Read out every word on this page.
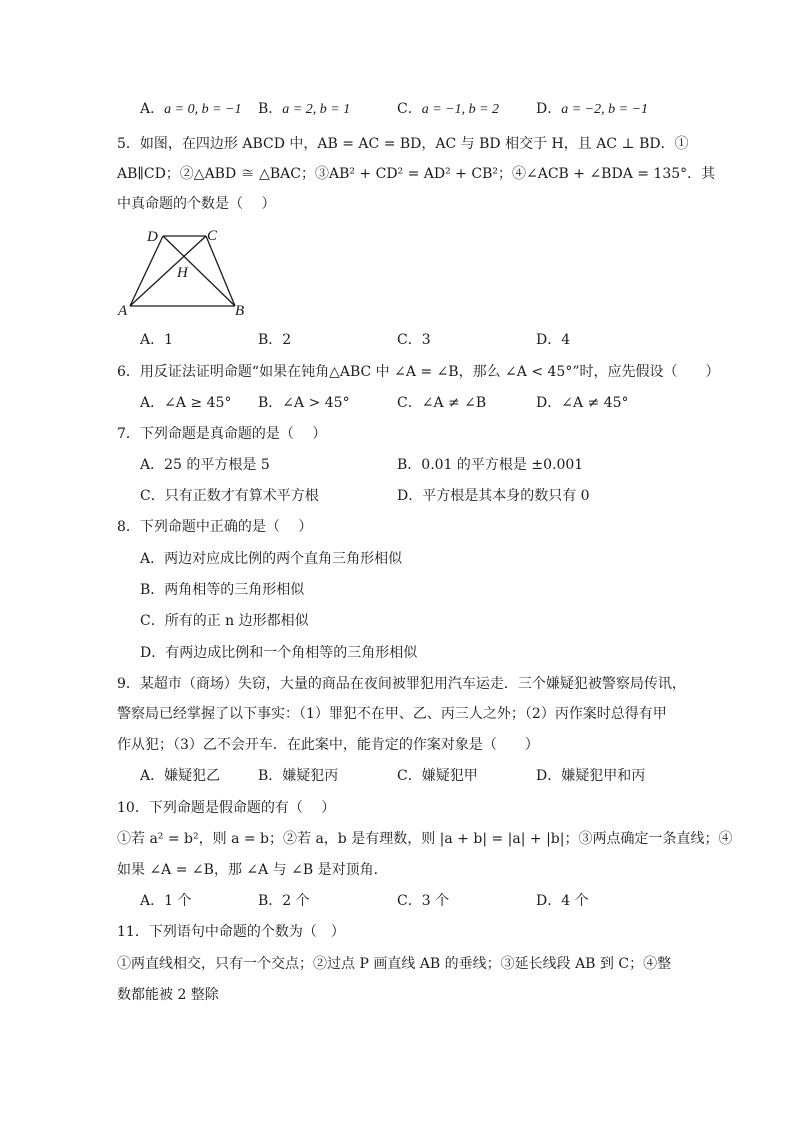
A．a = 0, b = −1 B．a = 2, b = 1	C．a = −1, b = 2	D．a = −2, b = −1
5．如图，在四边形 ABCD 中，AB = AC = BD，AC 与 BD 相交于 H，且 AC ⊥ BD．①
AB∥CD；②△ABD ≅ △BAC；③AB² + CD² = AD² + CB²；④∠ACB + ∠BDA = 135°．其
中真命题的个数是（　 ）
D	C
H
A	B
A．1	B．2	C．3	D．4
6．用反证法证明命题“如果在钝角△ABC 中 ∠A = ∠B，那么 ∠A < 45°”时，应先假设（　　）
A．∠A ≥ 45° B．∠A > 45°	C．∠A ≠ ∠B	D．∠A ≠ 45°
7．下列命题是真命题的是（　 ）
A．25 的平方根是 5	B．0.01 的平方根是 ±0.001
C．只有正数才有算术平方根	D．平方根是其本身的数只有 0
8．下列命题中正确的是（　 ）
A．两边对应成比例的两个直角三角形相似
B．两角相等的三角形相似
C．所有的正 n 边形都相似
D．有两边成比例和一个角相等的三角形相似
9．某超市（商场）失窃，大量的商品在夜间被罪犯用汽车运走．三个嫌疑犯被警察局传讯，
警察局已经掌握了以下事实：（1）罪犯不在甲、乙、丙三人之外；（2）丙作案时总得有甲
作从犯；（3）乙不会开车．在此案中，能肯定的作案对象是（　　）
A．嫌疑犯乙	B．嫌疑犯丙	C．嫌疑犯甲	D．嫌疑犯甲和丙
10．下列命题是假命题的有（　 ）
①若 a² = b²，则 a = b；②若 a，b 是有理数，则 |a + b| = |a| + |b|；③两点确定一条直线；④
如果 ∠A = ∠B，那 ∠A 与 ∠B 是对顶角．
A．1 个	B．2 个	C．3 个	D．4 个
11．下列语句中命题的个数为（　）
①两直线相交，只有一个交点；②过点 P 画直线 AB 的垂线；③延长线段 AB 到 C；④整
数都能被 2 整除
